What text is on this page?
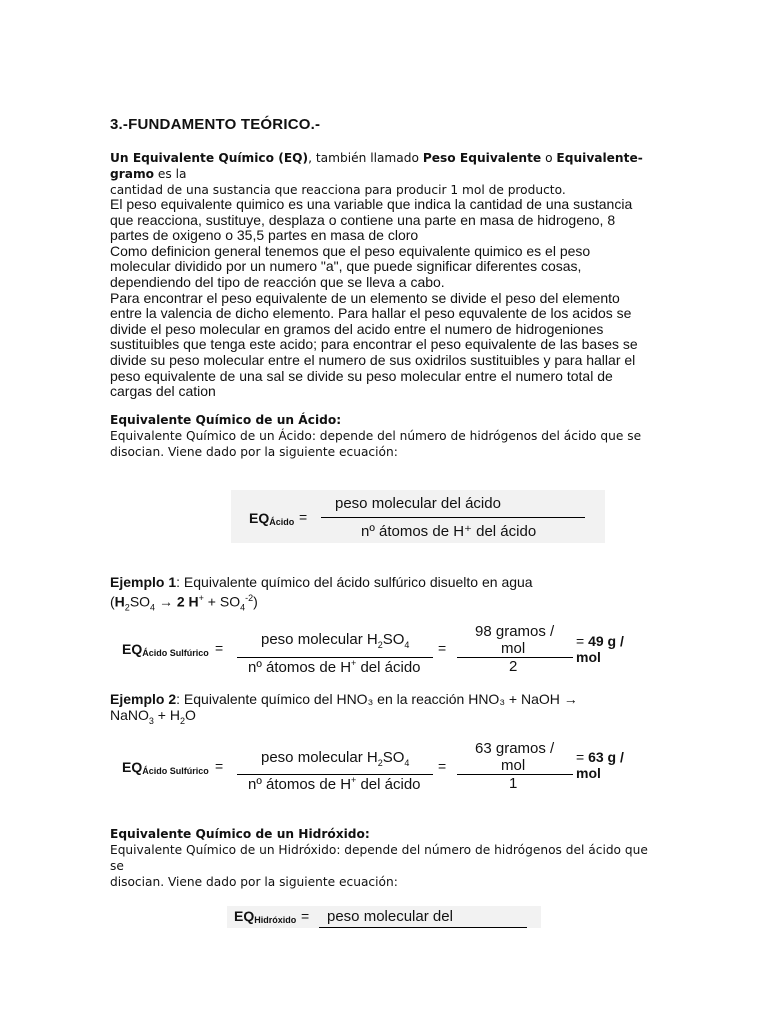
3.-FUNDAMENTO TEÓRICO.-
Un Equivalente Químico (EQ), también llamado Peso Equivalente o Equivalente-gramo es la
cantidad de una sustancia que reacciona para producir 1 mol de producto.
El peso equivalente quimico es una variable que indica la cantidad de una sustancia
que reacciona, sustituye, desplaza o contiene una parte en masa de hidrogeno, 8
partes de oxigeno o 35,5 partes en masa de cloro
Como definicion general tenemos que el peso equivalente quimico es el peso
molecular dividido por un numero "a", que puede significar diferentes cosas,
dependiendo del tipo de reacción que se lleva a cabo.
Para encontrar el peso equivalente de un elemento se divide el peso del elemento
entre la valencia de dicho elemento. Para hallar el peso equvalente de los acidos se
divide el peso molecular en gramos del acido entre el numero de hidrogeniones
sustituibles que tenga este acido; para encontrar el peso equivalente de las bases se
divide su peso molecular entre el numero de sus oxidrilos sustituibles y para hallar el
peso equivalente de una sal se divide su peso molecular entre el numero total de
cargas del cation
Equivalente Químico de un Ácido:
Equivalente Químico de un Ácido: depende del número de hidrógenos del ácido que se
disocian. Viene dado por la siguiente ecuación:
$EQ_{Ácido}$ =
peso molecular del ácido
nº átomos de H⁺ del ácido
Ejemplo 1: Equivalente químico del ácido sulfúrico disuelto en agua
($H_2SO_4 \to 2$ $H^+ + SO_4^{-2}$)
$EQ_{Ácido Sulfúrico}$ =	peso molecular $H_2SO_4$
nº átomos de H+ del ácido
=
98 gramos /
mol
2
= 49 g /
mol
Ejemplo 2: Equivalente químico del HNO₃ en la reacción HNO₃ + NaOH →
NaNO$_3$ + $H_2O$
$EQ_{Ácido Sulfúrico}$ =	peso molecular $H_2SO_4$
nº átomos de H+ del ácido
=
63 gramos /
mol
1
= 63 g /
mol
Equivalente Químico de un Hidróxido:
Equivalente Químico de un Hidróxido: depende del número de hidrógenos del ácido que se
disocian. Viene dado por la siguiente ecuación:
$EQ_{Hidróxido}$ = peso molecular del
